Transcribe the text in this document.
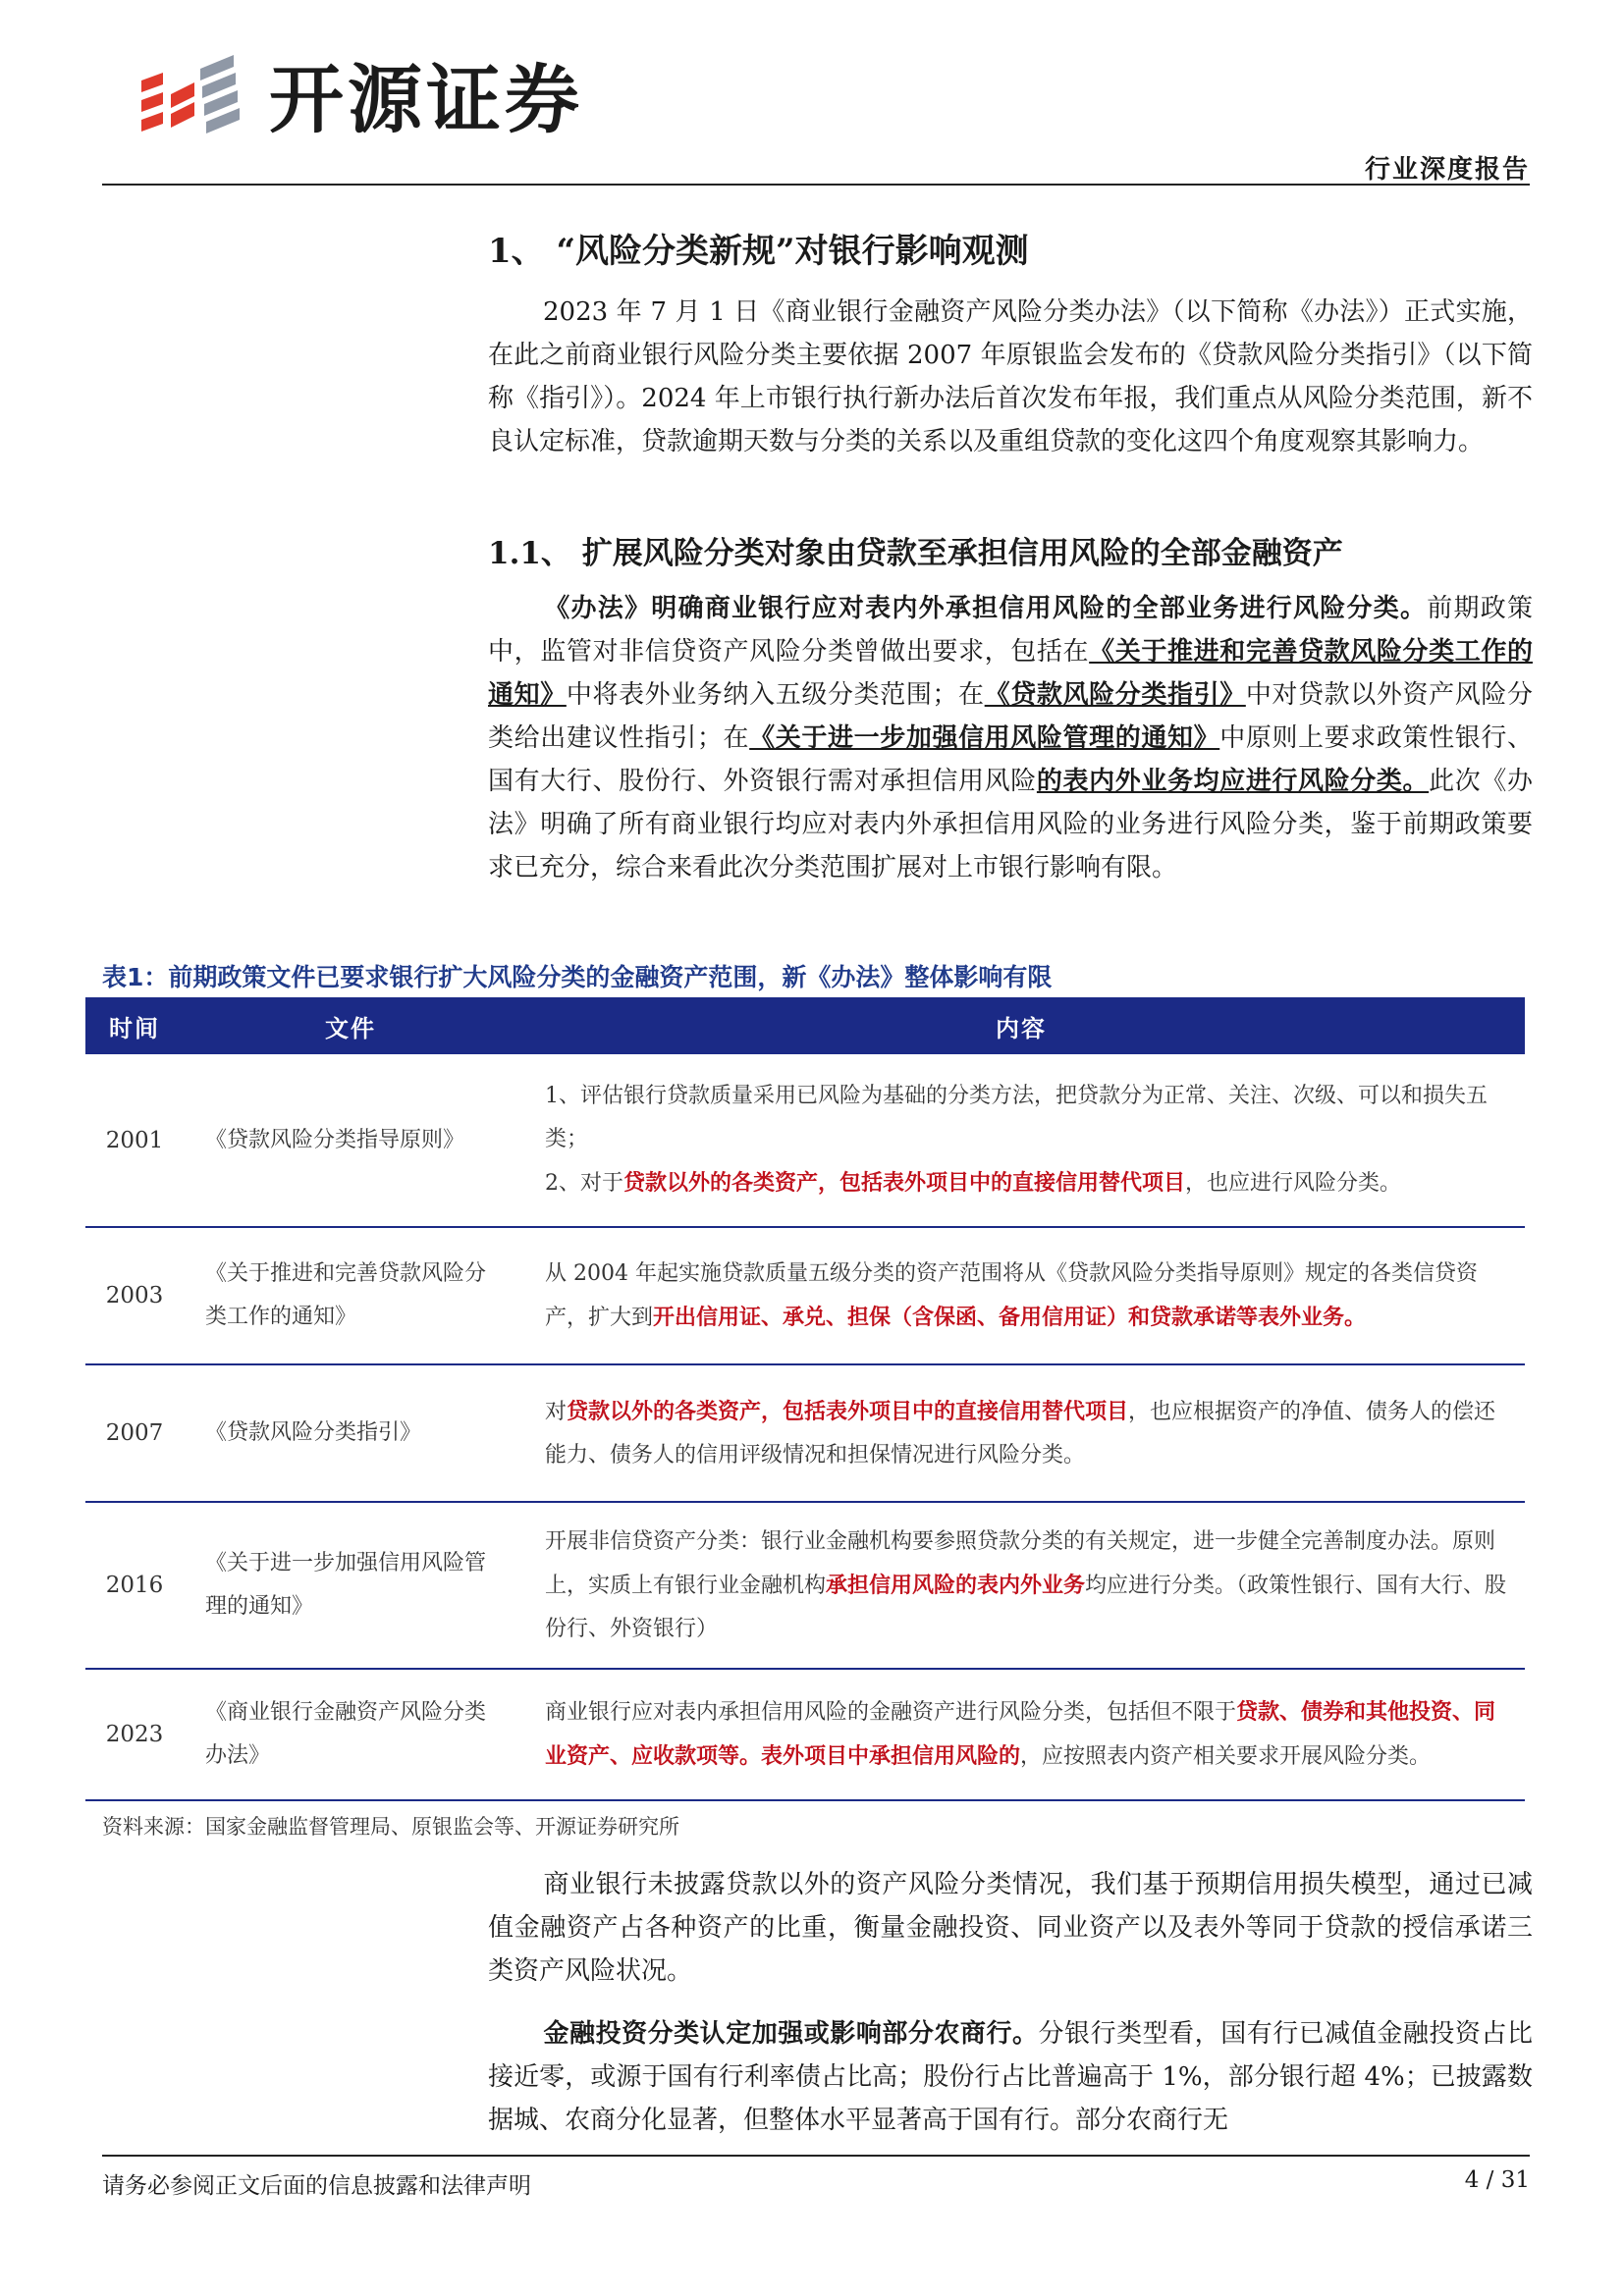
开源证券
行业深度报告
1、 “风险分类新规”对银行影响观测

2023 年 7 月 1 日《商业银行金融资产风险分类办法》（以下简称《办法》）正式实施，在此之前商业银行风险分类主要依据 2007 年原银监会发布的《贷款风险分类指引》（以下简称《指引》）。2024 年上市银行执行新办法后首次发布年报，我们重点从风险分类范围，新不良认定标准，贷款逾期天数与分类的关系以及重组贷款的变化这四个角度观察其影响力。

1.1、 扩展风险分类对象由贷款至承担信用风险的全部金融资产

《办法》明确商业银行应对表内外承担信用风险的全部业务进行风险分类。前期政策中，监管对非信贷资产风险分类曾做出要求，包括在《关于推进和完善贷款风险分类工作的通知》中将表外业务纳入五级分类范围；在《贷款风险分类指引》中对贷款以外资产风险分类给出建议性指引；在《关于进一步加强信用风险管理的通知》中原则上要求政策性银行、国有大行、股份行、外资银行需对承担信用风险的表内外业务均应进行风险分类。此次《办法》明确了所有商业银行均应对表内外承担信用风险的业务进行风险分类，鉴于前期政策要求已充分，综合来看此次分类范围扩展对上市银行影响有限。

表1：前期政策文件已要求银行扩大风险分类的金融资产范围，新《办法》整体影响有限
时间	文件	内容
2001	《贷款风险分类指导原则》	1、评估银行贷款质量采用已风险为基础的分类方法，把贷款分为正常、关注、次级、可以和损失五类；
2、对于贷款以外的各类资产，包括表外项目中的直接信用替代项目，也应进行风险分类。
2003	《关于推进和完善贷款风险分类工作的通知》	从 2004 年起实施贷款质量五级分类的资产范围将从《贷款风险分类指导原则》规定的各类信贷资产，扩大到开出信用证、承兑、担保（含保函、备用信用证）和贷款承诺等表外业务。
2007	《贷款风险分类指引》	对贷款以外的各类资产，包括表外项目中的直接信用替代项目，也应根据资产的净值、债务人的偿还能力、债务人的信用评级情况和担保情况进行风险分类。
2016	《关于进一步加强信用风险管理的通知》	开展非信贷资产分类：银行业金融机构要参照贷款分类的有关规定，进一步健全完善制度办法。原则上，实质上有银行业金融机构承担信用风险的表内外业务均应进行分类。（政策性银行、国有大行、股份行、外资银行）
2023	《商业银行金融资产风险分类办法》	商业银行应对表内承担信用风险的金融资产进行风险分类，包括但不限于贷款、债券和其他投资、同业资产、应收款项等。表外项目中承担信用风险的，应按照表内资产相关要求开展风险分类。
资料来源：国家金融监督管理局、原银监会等、开源证券研究所

商业银行未披露贷款以外的资产风险分类情况，我们基于预期信用损失模型，通过已减值金融资产占各种资产的比重，衡量金融投资、同业资产以及表外等同于贷款的授信承诺三类资产风险状况。

金融投资分类认定加强或影响部分农商行。分银行类型看，国有行已减值金融投资占比接近零，或源于国有行利率债占比高；股份行占比普遍高于 1%，部分银行超 4%；已披露数据城、农商分化显著，但整体水平显著高于国有行。部分农商行无

请务必参阅正文后面的信息披露和法律声明	4 / 31
